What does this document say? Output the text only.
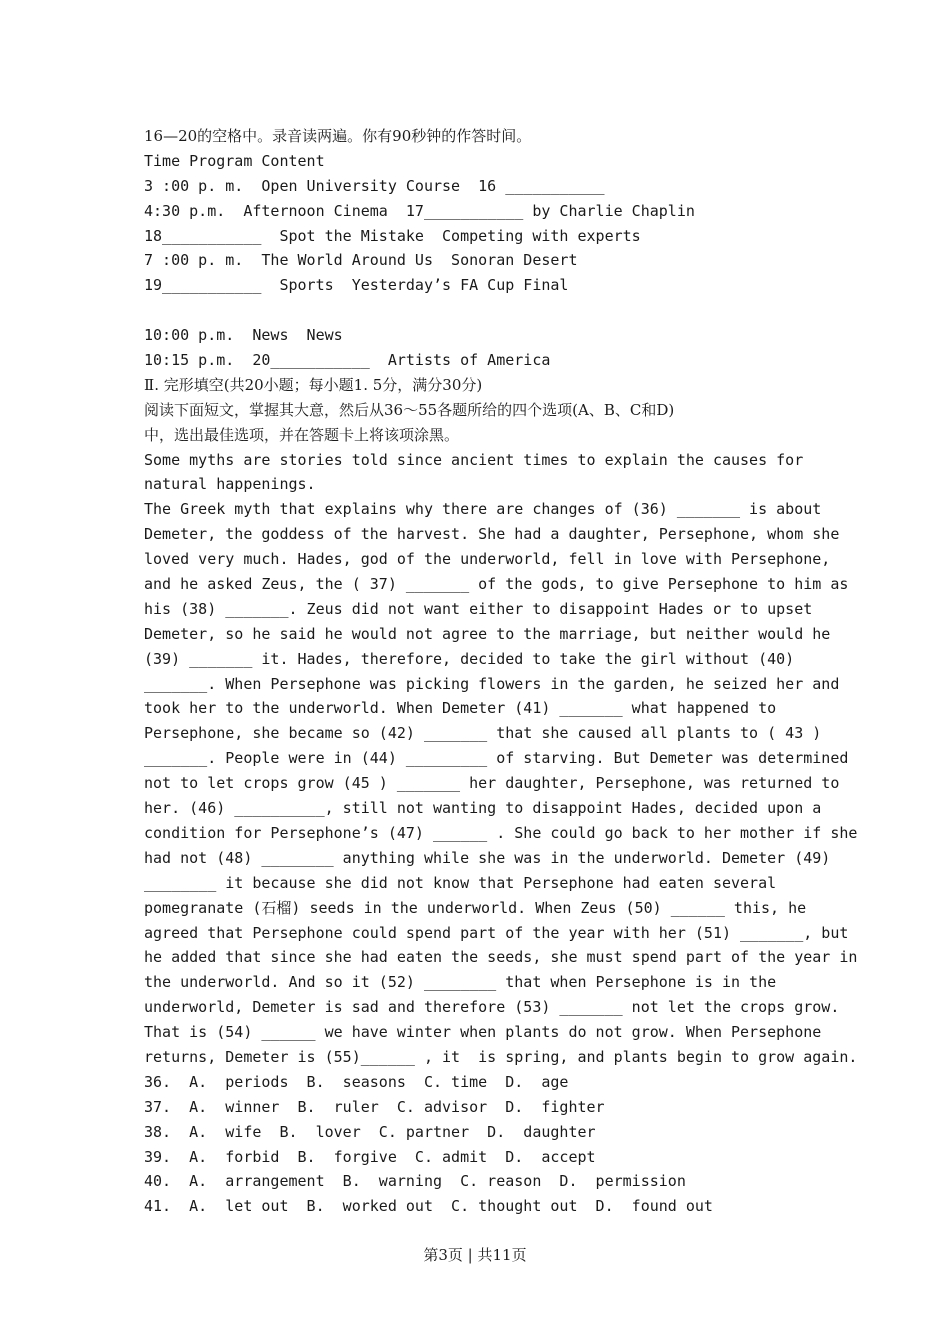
16—20的空格中。录音读两遍。你有90秒钟的作答时间。
Time Program Content
3 :00 p. m.  Open University Course  16 ___________
4:30 p.m.  Afternoon Cinema  17___________ by Charlie Chaplin
18___________  Spot the Mistake  Competing with experts
7 :00 p. m.  The World Around Us  Sonoran Desert
19___________  Sports  Yesterday’s FA Cup Final
10:00 p.m.  News  News
10:15 p.m.  20___________  Artists of America
Ⅱ. 完形填空(共20小题；每小题1. 5分，满分30分)
阅读下面短文，掌握其大意，然后从36～55各题所给的四个选项(A、B、C和D)
中，选出最佳选项，并在答题卡上将该项涂黑。
Some myths are stories told since ancient times to explain the causes for
natural happenings.
The Greek myth that explains why there are changes of (36) _______ is about
Demeter, the goddess of the harvest. She had a daughter, Persephone, whom she
loved very much. Hades, god of the underworld, fell in love with Persephone,
and he asked Zeus, the ( 37) _______ of the gods, to give Persephone to him as
his (38) _______. Zeus did not want either to disappoint Hades or to upset
Demeter, so he said he would not agree to the marriage, but neither would he
(39) _______ it. Hades, therefore, decided to take the girl without (40)
_______. When Persephone was picking flowers in the garden, he seized her and
took her to the underworld. When Demeter (41) _______ what happened to
Persephone, she became so (42) _______ that she caused all plants to ( 43 )
_______. People were in (44) _________ of starving. But Demeter was determined
not to let crops grow (45 ) _______ her daughter, Persephone, was returned to
her. (46) __________, still not wanting to disappoint Hades, decided upon a
condition for Persephone’s (47) ______ . She could go back to her mother if she
had not (48) ________ anything while she was in the underworld. Demeter (49)
________ it because she did not know that Persephone had eaten several
pomegranate (石榴) seeds in the underworld. When Zeus (50) ______ this, he
agreed that Persephone could spend part of the year with her (51) _______, but
he added that since she had eaten the seeds, she must spend part of the year in
the underworld. And so it (52) ________ that when Persephone is in the
underworld, Demeter is sad and therefore (53) _______ not let the crops grow.
That is (54) ______ we have winter when plants do not grow. When Persephone
returns, Demeter is (55)______ , it  is spring, and plants begin to grow again.
36.  A.  periods  B.  seasons  C. time  D.  age
37.  A.  winner  B.  ruler  C. advisor  D.  fighter
38.  A.  wife  B.  lover  C. partner  D.  daughter
39.  A.  forbid  B.  forgive  C. admit  D.  accept
40.  A.  arrangement  B.  warning  C. reason  D.  permission
41.  A.  let out  B.  worked out  C. thought out  D.  found out
第3页 | 共11页
